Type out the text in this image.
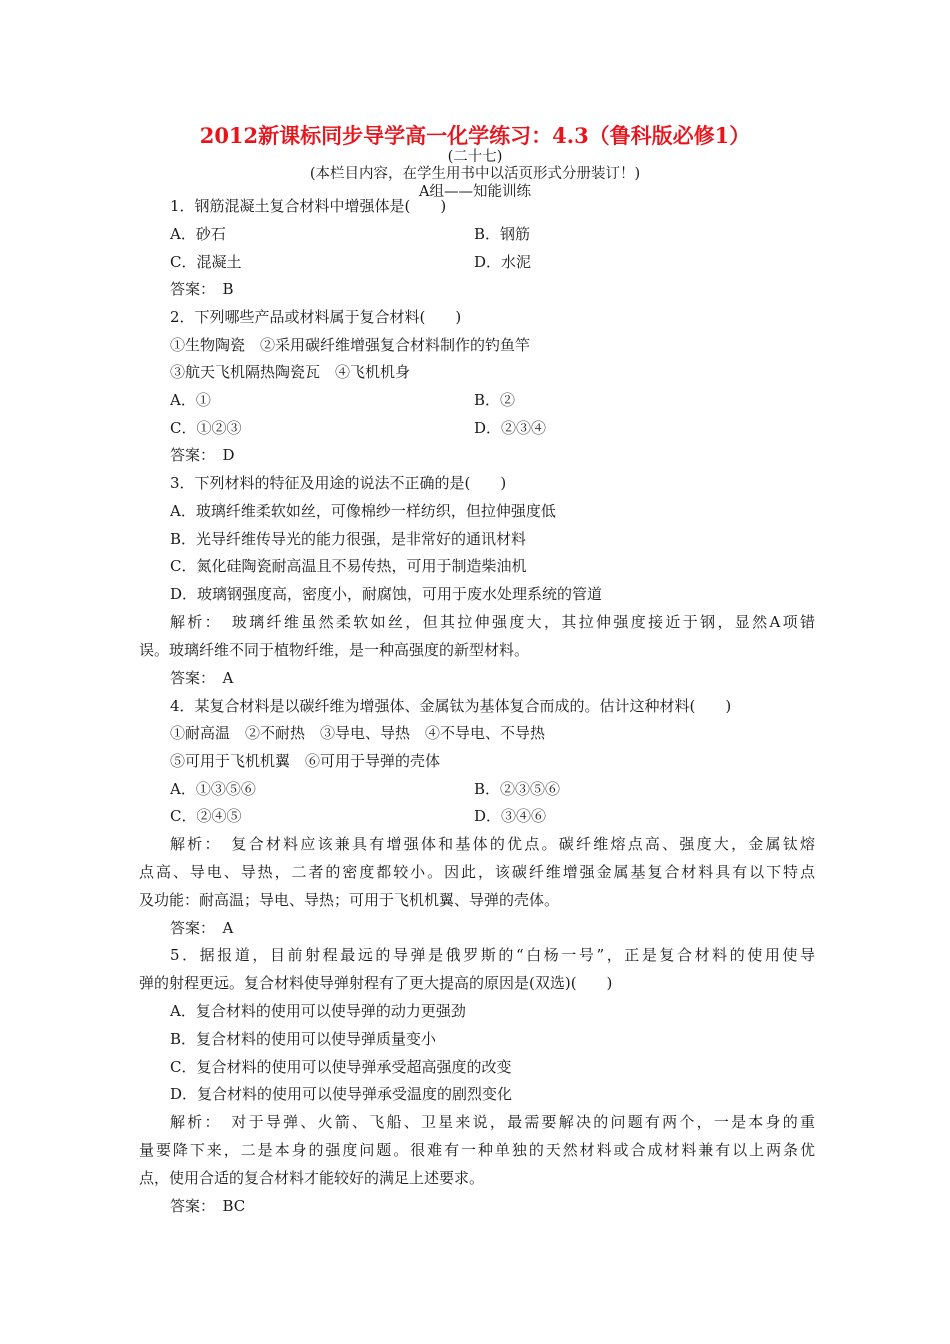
2012新课标同步导学高一化学练习：4.3（鲁科版必修1）
(二十七)
(本栏目内容，在学生用书中以活页形式分册装订！)
A组——知能训练
1．钢筋混凝土复合材料中增强体是(　　)
A．砂石	B．钢筋
C．混凝土	D．水泥
答案：　B
2．下列哪些产品或材料属于复合材料(　　)
①生物陶瓷　②采用碳纤维增强复合材料制作的钓鱼竿
③航天飞机隔热陶瓷瓦　④飞机机身
A．①	B．②
C．①②③	D．②③④
答案：　D
3．下列材料的特征及用途的说法不正确的是(　　)
A．玻璃纤维柔软如丝，可像棉纱一样纺织，但拉伸强度低
B．光导纤维传导光的能力很强，是非常好的通讯材料
C．氮化硅陶瓷耐高温且不易传热，可用于制造柴油机
D．玻璃钢强度高，密度小，耐腐蚀，可用于废水处理系统的管道
解析：　玻璃纤维虽然柔软如丝，但其拉伸强度大，其拉伸强度接近于钢，显然A项错
误。玻璃纤维不同于植物纤维，是一种高强度的新型材料。
答案：　A
4．某复合材料是以碳纤维为增强体、金属钛为基体复合而成的。估计这种材料(　　)
①耐高温　②不耐热　③导电、导热　④不导电、不导热
⑤可用于飞机机翼　⑥可用于导弹的壳体
A．①③⑤⑥	B．②③⑤⑥
C．②④⑤	D．③④⑥
解析：　复合材料应该兼具有增强体和基体的优点。碳纤维熔点高、强度大，金属钛熔
点高、导电、导热，二者的密度都较小。因此，该碳纤维增强金属基复合材料具有以下特点
及功能：耐高温；导电、导热；可用于飞机机翼、导弹的壳体。
答案：　A
5．据报道，目前射程最远的导弹是俄罗斯的“白杨一号”，正是复合材料的使用使导
弹的射程更远。复合材料使导弹射程有了更大提高的原因是(双选)(　　)
A．复合材料的使用可以使导弹的动力更强劲
B．复合材料的使用可以使导弹质量变小
C．复合材料的使用可以使导弹承受超高强度的改变
D．复合材料的使用可以使导弹承受温度的剧烈变化
解析：　对于导弹、火箭、飞船、卫星来说，最需要解决的问题有两个，一是本身的重
量要降下来，二是本身的强度问题。很难有一种单独的天然材料或合成材料兼有以上两条优
点，使用合适的复合材料才能较好的满足上述要求。
答案：　BC
